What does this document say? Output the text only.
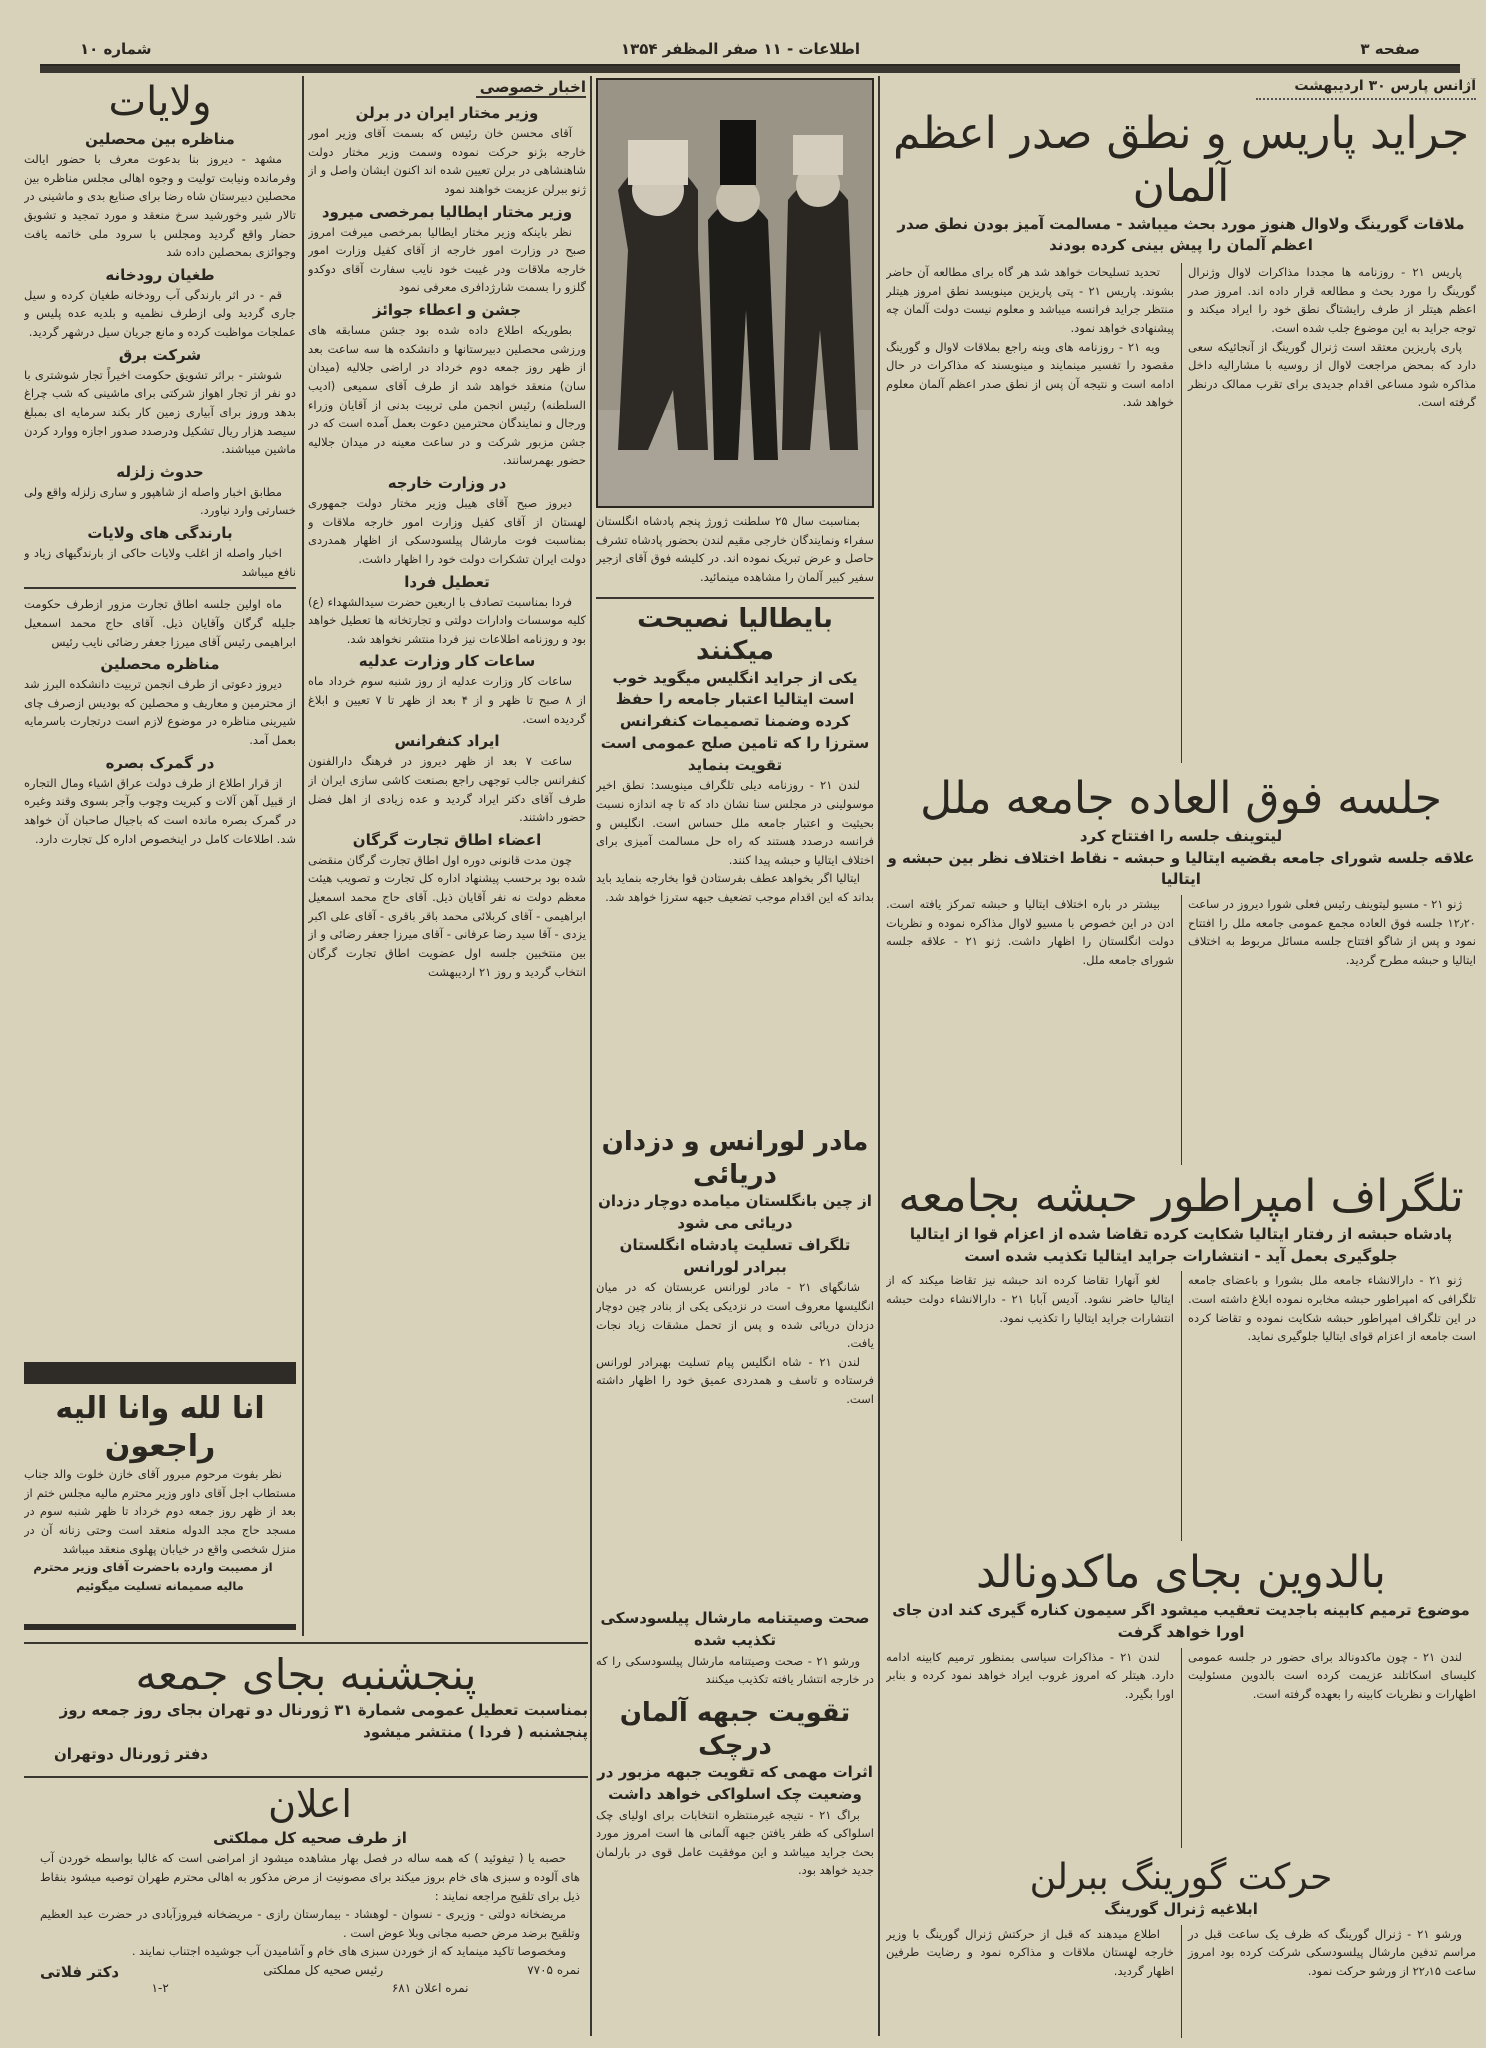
صفحه ۳
اطلاعات - ۱۱ صفر المظفر ۱۳۵۴
شماره ۱۰
آژانس پارس ۳۰ اردیبهشت
جراید پاریس و نطق صدر اعظم آلمان
ملاقات گورینگ ولاوال هنوز مورد بحث میباشد - مسالمت آمیز بودن نطق صدر اعظم آلمان را پیش بینی کرده بودند

پاریس ۲۱ - روزنامه ها مجددا مذاکرات لاوال وژنرال گورینگ را مورد بحث و مطالعه قرار داده اند. امروز صدر اعظم هیتلر از طرف رایشتاگ نطق خود را ایراد میکند و توجه جراید به این موضوع جلب شده است.

پاری پاریزین معتقد است ژنرال گورینگ از آنجائیکه سعی دارد که بمحض مراجعت لاوال از روسیه با مشارالیه داخل مذاکره شود مساعی اقدام جدیدی برای تقرب ممالک درنظر گرفته است.

تحدید تسلیحات خواهد شد هر گاه برای مطالعه آن حاضر بشوند. پاریس ۲۱ - پتی پاریزین مینویسد نطق امروز هیتلر منتظر جراید فرانسه میباشد و معلوم نیست دولت آلمان چه پیشنهادی خواهد نمود.

ویه ۲۱ - روزنامه های وینه راجع بملاقات لاوال و گورینگ مقصود را تفسیر مینمایند و مینویسند که مذاکرات در حال ادامه است و نتیجه آن پس از نطق صدر اعظم آلمان معلوم خواهد شد.

جلسه فوق العاده جامعه ملل
لیتوینف جلسه را افتتاح کرد
علاقه جلسه شورای جامعه بقضیه ایتالیا و حبشه - نقاط اختلاف نظر بین حبشه و ایتالیا

ژنو ۲۱ - مسیو لیتوینف رئیس فعلی شورا دیروز در ساعت ۱۲٫۲۰ جلسه فوق العاده مجمع عمومی جامعه ملل را افتتاح نمود و پس از شاگو افتتاح جلسه مسائل مربوط به اختلاف ایتالیا و حبشه مطرح گردید.

بیشتر در باره اختلاف ایتالیا و حبشه تمرکز یافته است. ادن در این خصوص با مسیو لاوال مذاکره نموده و نظریات دولت انگلستان را اظهار داشت. ژنو ۲۱ - علاقه جلسه شورای جامعه ملل.

تلگراف امپراطور حبشه بجامعه
پادشاه حبشه از رفتار ایتالیا شکایت کرده تقاضا شده از اعزام قوا از ایتالیا جلوگیری بعمل آید - انتشارات جراید ایتالیا تکذیب شده است

ژنو ۲۱ - دارالانشاء جامعه ملل بشورا و باعضای جامعه تلگرافی که امپراطور حبشه مخابره نموده ابلاغ داشته است. در این تلگراف امپراطور حبشه شکایت نموده و تقاضا کرده است جامعه از اعزام قوای ایتالیا جلوگیری نماید.

لغو آنهارا تقاضا کرده اند حبشه نیز تقاضا میکند که از ایتالیا حاضر نشود. آدیس آبابا ۲۱ - دارالانشاء دولت حبشه انتشارات جراید ایتالیا را تکذیب نمود.

بالدوین بجای ماکدونالد
موضوع ترمیم کابینه باجدیت تعقیب میشود اگر سیمون کناره گیری کند ادن جای اورا خواهد گرفت

لندن ۲۱ - چون ماکدونالد برای حضور در جلسه عمومی کلیسای اسکاتلند عزیمت کرده است بالدوین مسئولیت اظهارات و نظریات کابینه را بعهده گرفته است.

لندن ۲۱ - مذاکرات سیاسی بمنظور ترمیم کابینه ادامه دارد. هیتلر که امروز غروب ایراد خواهد نمود کرده و بنابر اورا بگیرد.

حرکت گورینگ ببرلن
ابلاغیه ژنرال گورینگ

ورشو ۲۱ - ژنرال گورینگ که ظرف یک ساعت قبل در مراسم تدفین مارشال پیلسودسکی شرکت کرده بود امروز ساعت ۲۲٫۱۵ از ورشو حرکت نمود.

اطلاع میدهند که قبل از حرکتش ژنرال گورینگ با وزیر خارجه لهستان ملاقات و مذاکره نمود و رضایت طرفین اظهار گردید.

بمناسبت سال ۲۵ سلطنت ژورژ پنجم پادشاه انگلستان سفراء ونمایندگان خارجی مقیم لندن بحضور پادشاه تشرف حاصل و عرض تبریک نموده اند. در کلیشه فوق آقای ازجیر سفیر کبیر آلمان را مشاهده مینمائید.

بایطالیا نصیحت میکنند
یکی از جراید انگلیس میگوید خوب است ایتالیا اعتبار جامعه را حفظ کرده وضمنا تصمیمات کنفرانس سترزا را که تامین صلح عمومی است تقویت بنماید

لندن ۲۱ - روزنامه دیلی تلگراف مینویسد: نطق اخیر موسولینی در مجلس سنا نشان داد که تا چه اندازه نسبت بحیثیت و اعتبار جامعه ملل حساس است. انگلیس و فرانسه درصدد هستند که راه حل مسالمت آمیزی برای اختلاف ایتالیا و حبشه پیدا کنند.

ایتالیا اگر بخواهد عطف بفرستادن قوا بخارجه بنماید باید بداند که این اقدام موجب تضعیف جبهه سترزا خواهد شد.

مادر لورانس و دزدان دریائی
از چین بانگلستان میامده دوچار دزدان دریائی می شود
تلگراف تسلیت پادشاه انگلستان ببرادر لورانس

شانگهای ۲۱ - مادر لورانس عربستان که در میان انگلیسها معروف است در نزدیکی یکی از بنادر چین دوچار دزدان دریائی شده و پس از تحمل مشقات زیاد نجات یافت.

لندن ۲۱ - شاه انگلیس پیام تسلیت بهبرادر لورانس فرستاده و تاسف و همدردی عمیق خود را اظهار داشته است.

صحت وصیتنامه مارشال پیلسودسکی تکذیب شده

ورشو ۲۱ - صحت وصیتنامه مارشال پیلسودسکی را که در خارجه انتشار یافته تکذیب میکنند

تقویت جبهه آلمان درچک
اثرات مهمی که تقویت جبهه مزبور در وضعیت چک اسلواکی خواهد داشت

براگ ۲۱ - نتیجه غیرمنتظره انتخابات برای اولیای چک اسلواکی که ظفر یافتن جبهه آلمانی ها است امروز مورد بحث جراید میباشد و این موفقیت عامل قوی در بارلمان جدید خواهد بود.

اخبار خصوصی
وزیر مختار ایران در برلن

آقای محسن خان رئیس که بسمت آقای وزیر امور خارجه بژنو حرکت نموده وسمت وزیر مختار دولت شاهنشاهی در برلن تعیین شده اند اکنون ایشان واصل و از ژنو ببرلن عزیمت خواهند نمود

وزیر مختار ایطالیا بمرخصی میرود

نظر باینکه وزیر مختار ایطالیا بمرخصی میرفت امروز صبح در وزارت امور خارجه از آقای کفیل وزارت امور خارجه ملاقات ودر غیبت خود نایب سفارت آقای دوکدو گلزو را بسمت شارژدافری معرفی نمود

جشن و اعطاء جوائز

بطوریکه اطلاع داده شده بود جشن مسابقه های ورزشی محصلین دبیرستانها و دانشکده ها سه ساعت بعد از ظهر روز جمعه دوم خرداد در اراضی جلالیه (میدان سان) منعقد خواهد شد از طرف آقای سمیعی (ادیب السلطنه) رئیس انجمن ملی تربیت بدنی از آقایان وزراء ورجال و نمایندگان محترمین دعوت بعمل آمده است که در جشن مزبور شرکت و در ساعت معینه در میدان جلالیه حضور بهمرسانند.

در وزارت خارجه

دیروز صبح آقای هیبل وزیر مختار دولت جمهوری لهستان از آقای کفیل وزارت امور خارجه ملاقات و بمناسبت فوت مارشال پیلسودسکی از اظهار همدردی دولت ایران تشکرات دولت خود را اظهار داشت.

تعطیل فردا

فردا بمناسبت تصادف با اربعین حضرت سیدالشهداء (ع) کلیه موسسات وادارات دولتی و تجارتخانه ها تعطیل خواهد بود و روزنامه اطلاعات نیز فردا منتشر نخواهد شد.

ساعات کار وزارت عدلیه

ساعات کار وزارت عدلیه از روز شنبه سوم خرداد ماه از ۸ صبح تا ظهر و از ۴ بعد از ظهر تا ۷ تعیین و ابلاغ گردیده است.

ایراد کنفرانس

ساعت ۷ بعد از ظهر دیروز در فرهنگ دارالفنون کنفرانس جالب توجهی راجع بصنعت کاشی سازی ایران از طرف آقای دکتر ایراد گردید و عده زیادی از اهل فضل حضور داشتند.

اعضاء اطاق تجارت گرگان

چون مدت قانونی دوره اول اطاق تجارت گرگان منقضی شده بود برحسب پیشنهاد اداره کل تجارت و تصویب هیئت معظم دولت نه نفر آقایان ذیل. آقای حاج محمد اسمعیل ابراهیمی - آقای کربلائی محمد باقر باقری - آقای علی اکبر یزدی - آقا سید رضا عرفانی - آقای میرزا جعفر رضائی و از بین منتخبین جلسه اول عضویت اطاق تجارت گرگان انتخاب گردید و روز ۲۱ اردیبهشت

ولایات
مناظره بین محصلین

مشهد - دیروز بنا بدعوت معرف با حضور ایالت وفرمانده ونیابت تولیت و وجوه اهالی مجلس مناظره بین محصلین دبیرستان شاه رضا برای صنایع بدی و ماشینی در تالار شیر وخورشید سرخ منعقد و مورد تمجید و تشویق حضار واقع گردید ومجلس با سرود ملی خاتمه یافت وجوائزی بمحصلین داده شد

طغیان رودخانه

قم - در اثر بارندگی آب رودخانه طغیان کرده و سیل جاری گردید ولی ازطرف نظمیه و بلدیه عده پلیس و عملجات مواظبت کرده و مانع جریان سیل درشهر گردید.

شرکت برق

شوشتر - براثر تشویق حکومت اخیراً تجار شوشتری با دو نفر از تجار اهواز شرکتی برای ماشینی که شب چراغ بدهد وروز برای آبیاری زمین کار بکند سرمایه ای بمبلغ سیصد هزار ریال تشکیل ودرصدد صدور اجازه ووارد کردن ماشین میباشند.

حدوث زلزله

مطابق اخبار واصله از شاهپور و ساری زلزله واقع ولی خسارتی وارد نیاورد.

بارندگی های ولایات

اخبار واصله از اغلب ولایات حاکی از بارندگیهای زیاد و نافع میباشد

ماه اولین جلسه اطاق تجارت مزور ازطرف حکومت جلیله گرگان وآقایان ذیل. آقای حاج محمد اسمعیل ابراهیمی رئیس آقای میرزا جعفر رضائی نایب رئیس

مناظره محصلین

دیروز دعوتی از طرف انجمن تربیت دانشکده البرز شد از محترمین و معاریف و محصلین که بودیس ازصرف چای شیرینی مناظره در موضوع لازم است درتجارت باسرمایه بعمل آمد.

در گمرک بصره

از قرار اطلاع از طرف دولت عراق اشیاء ومال التجاره از قبیل آهن آلات و کبریت وچوب وآجر بسوی وقند وغیره در گمرک بصره مانده است که باجیال صاحبان آن خواهد شد. اطلاعات کامل در اینخصوص اداره کل تجارت دارد.

انا لله وانا الیه راجعون

نظر بفوت مرحوم مبرور آقای خازن خلوت والد جناب مستطاب اجل آقای داور وزیر محترم مالیه مجلس ختم از بعد از ظهر روز جمعه دوم خرداد تا ظهر شنبه سوم در مسجد حاج مجد الدوله منعقد است وحتی زنانه آن در منزل شخصی واقع در خیابان پهلوی منعقد میباشد

از مصیبت وارده باحضرت آقای وزیر محترم مالیه صمیمانه تسلیت میگوئیم

پنجشنبه بجای جمعه
بمناسبت تعطیل عمومی شمارة ۳۱ ژورنال دو تهران بجای روز جمعه روز پنجشنبه ( فردا ) منتشر میشود
دفتر ژورنال دوتهران
اعلان
از طرف صحیه کل مملکتی

حصبه یا ( تیفوئید ) که همه ساله در فصل بهار مشاهده میشود از امراضی است که غالبا بواسطه خوردن آب های آلوده و سبزی های خام بروز میکند برای مصونیت از مرض مذکور به اهالی محترم طهران توصیه میشود بنقاط ذیل برای تلقیح مراجعه نمایند :

مریضخانه دولتی - وزیری - نسوان - لوهشاد - بیمارستان رازی - مریضخانه فیروزآبادی در حضرت عبد العظیم وتلقیح برضد مرض حصبه مجانی وبلا عوض است .

ومخصوصا تاکید مینماید که از خوردن سبزی های خام و آشامیدن آب جوشیده اجتناب نمایند .

نمره ۷۷۰۵
رئیس صحیه کل مملکتی
دکتر فلاتی
نمره اعلان ۶۸۱
۱-۲
